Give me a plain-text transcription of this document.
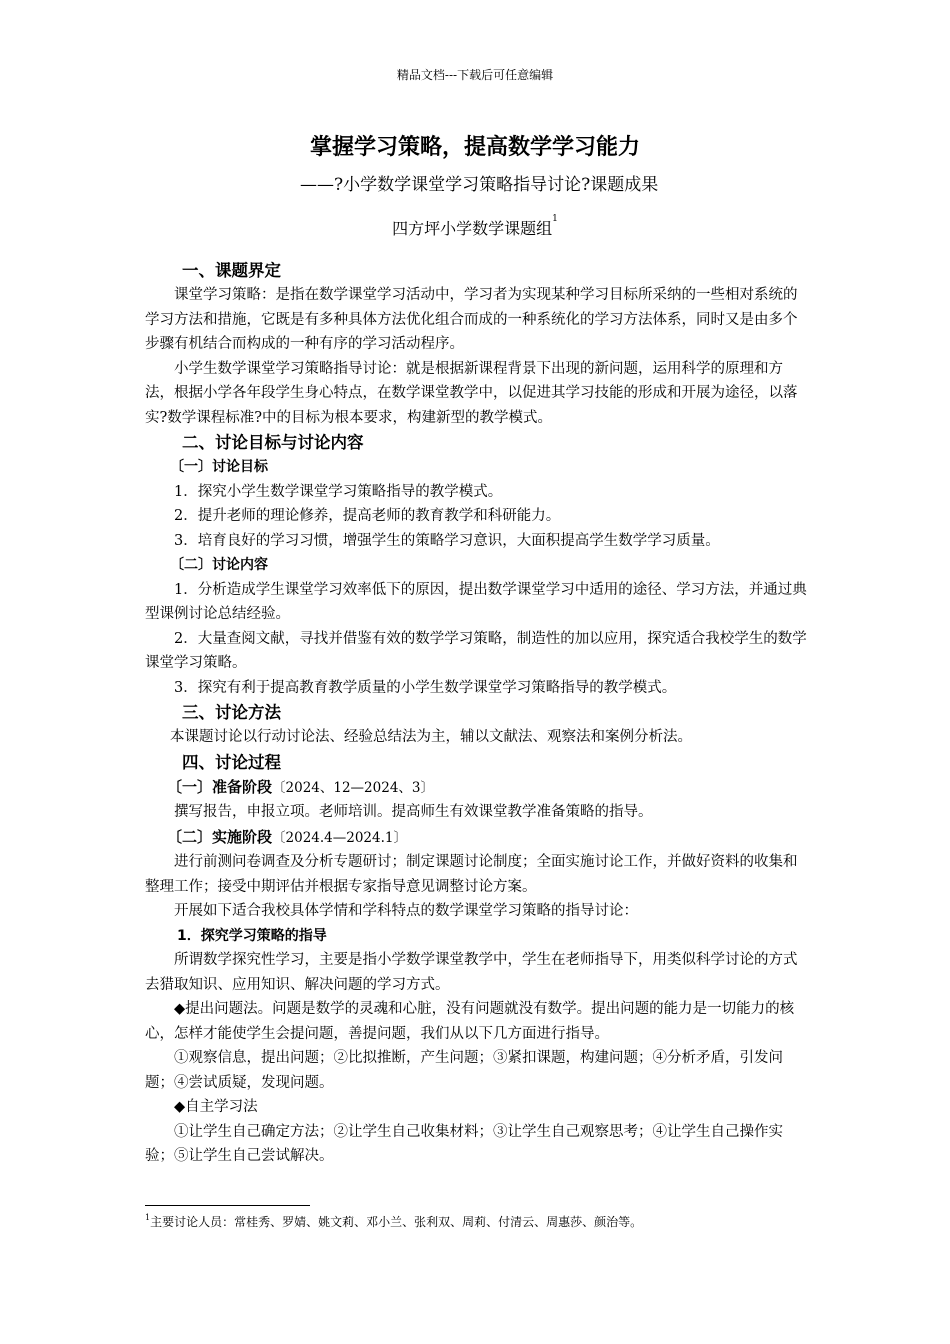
精品文档---下载后可任意编辑
掌握学习策略，提高数学学习能力
——?小学数学课堂学习策略指导讨论?课题成果
四方坪小学数学课题组$^1$

一、课题界定

课堂学习策略：是指在数学课堂学习活动中，学习者为实现某种学习目标所采纳的一些相对系统的学习方法和措施，它既是有多种具体方法优化组合而成的一种系统化的学习方法体系，同时又是由多个步骤有机结合而构成的一种有序的学习活动程序。

小学生数学课堂学习策略指导讨论：就是根据新课程背景下出现的新问题，运用科学的原理和方法，根据小学各年段学生身心特点，在数学课堂教学中，以促进其学习技能的形成和开展为途径，以落实?数学课程标准?中的目标为根本要求，构建新型的教学模式。

二、讨论目标与讨论内容

〔一〕讨论目标

1．探究小学生数学课堂学习策略指导的教学模式。

2．提升老师的理论修养，提高老师的教育教学和科研能力。

3．培育良好的学习习惯，增强学生的策略学习意识，大面积提高学生数学学习质量。

〔二〕讨论内容

1．分析造成学生课堂学习效率低下的原因，提出数学课堂学习中适用的途径、学习方法，并通过典型课例讨论总结经验。

2．大量查阅文献，寻找并借鉴有效的数学学习策略，制造性的加以应用，探究适合我校学生的数学课堂学习策略。

3．探究有利于提高教育教学质量的小学生数学课堂学习策略指导的教学模式。

三、讨论方法

本课题讨论以行动讨论法、经验总结法为主，辅以文献法、观察法和案例分析法。

四、讨论过程

〔一〕准备阶段〔2024、12—2024、3〕

撰写报告，申报立项。老师培训。提高师生有效课堂教学准备策略的指导。

〔二〕实施阶段〔2024.4—2024.1〕

进行前测问卷调查及分析专题研讨；制定课题讨论制度；全面实施讨论工作，并做好资料的收集和整理工作；接受中期评估并根据专家指导意见调整讨论方案。

开展如下适合我校具体学情和学科特点的数学课堂学习策略的指导讨论：

1．探究学习策略的指导

所谓数学探究性学习，主要是指小学数学课堂教学中，学生在老师指导下，用类似科学讨论的方式去猎取知识、应用知识、解决问题的学习方式。

◆提出问题法。问题是数学的灵魂和心脏，没有问题就没有数学。提出问题的能力是一切能力的核心，怎样才能使学生会提问题，善提问题，我们从以下几方面进行指导。

①观察信息，提出问题；②比拟推断，产生问题；③紧扣课题，构建问题；④分析矛盾，引发问题；④尝试质疑，发现问题。

◆自主学习法

①让学生自己确定方法；②让学生自己收集材料；③让学生自己观察思考；④让学生自己操作实验；⑤让学生自己尝试解决。

$^1$主要讨论人员：常桂秀、罗婧、姚文莉、邓小兰、张利双、周莉、付清云、周惠莎、颜治等。
